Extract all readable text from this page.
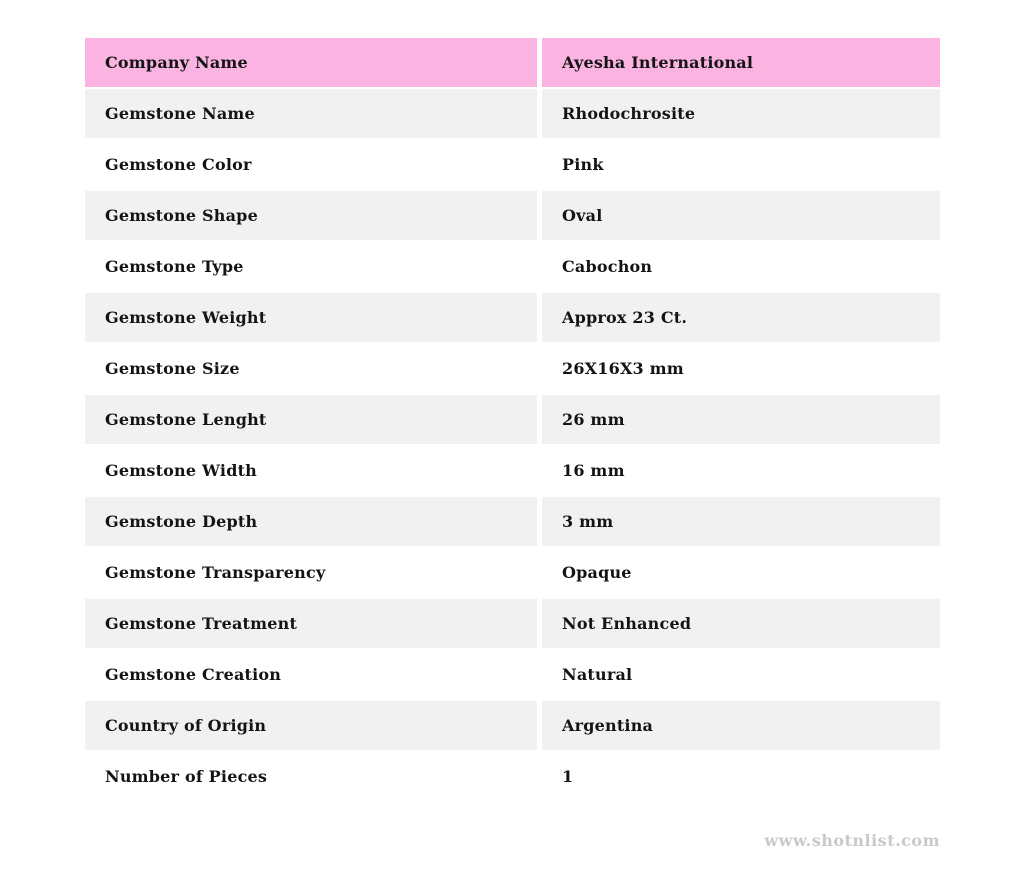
Company Name	Ayesha International
Gemstone Name	Rhodochrosite
Gemstone Color	Pink
Gemstone Shape	Oval
Gemstone Type	Cabochon
Gemstone Weight	Approx 23 Ct.
Gemstone Size	26X16X3 mm
Gemstone Lenght	26 mm
Gemstone Width	16 mm
Gemstone Depth	3 mm
Gemstone Transparency	Opaque
Gemstone Treatment	Not Enhanced
Gemstone Creation	Natural
Country of Origin	Argentina
Number of Pieces	1
www.shotnlist.com
